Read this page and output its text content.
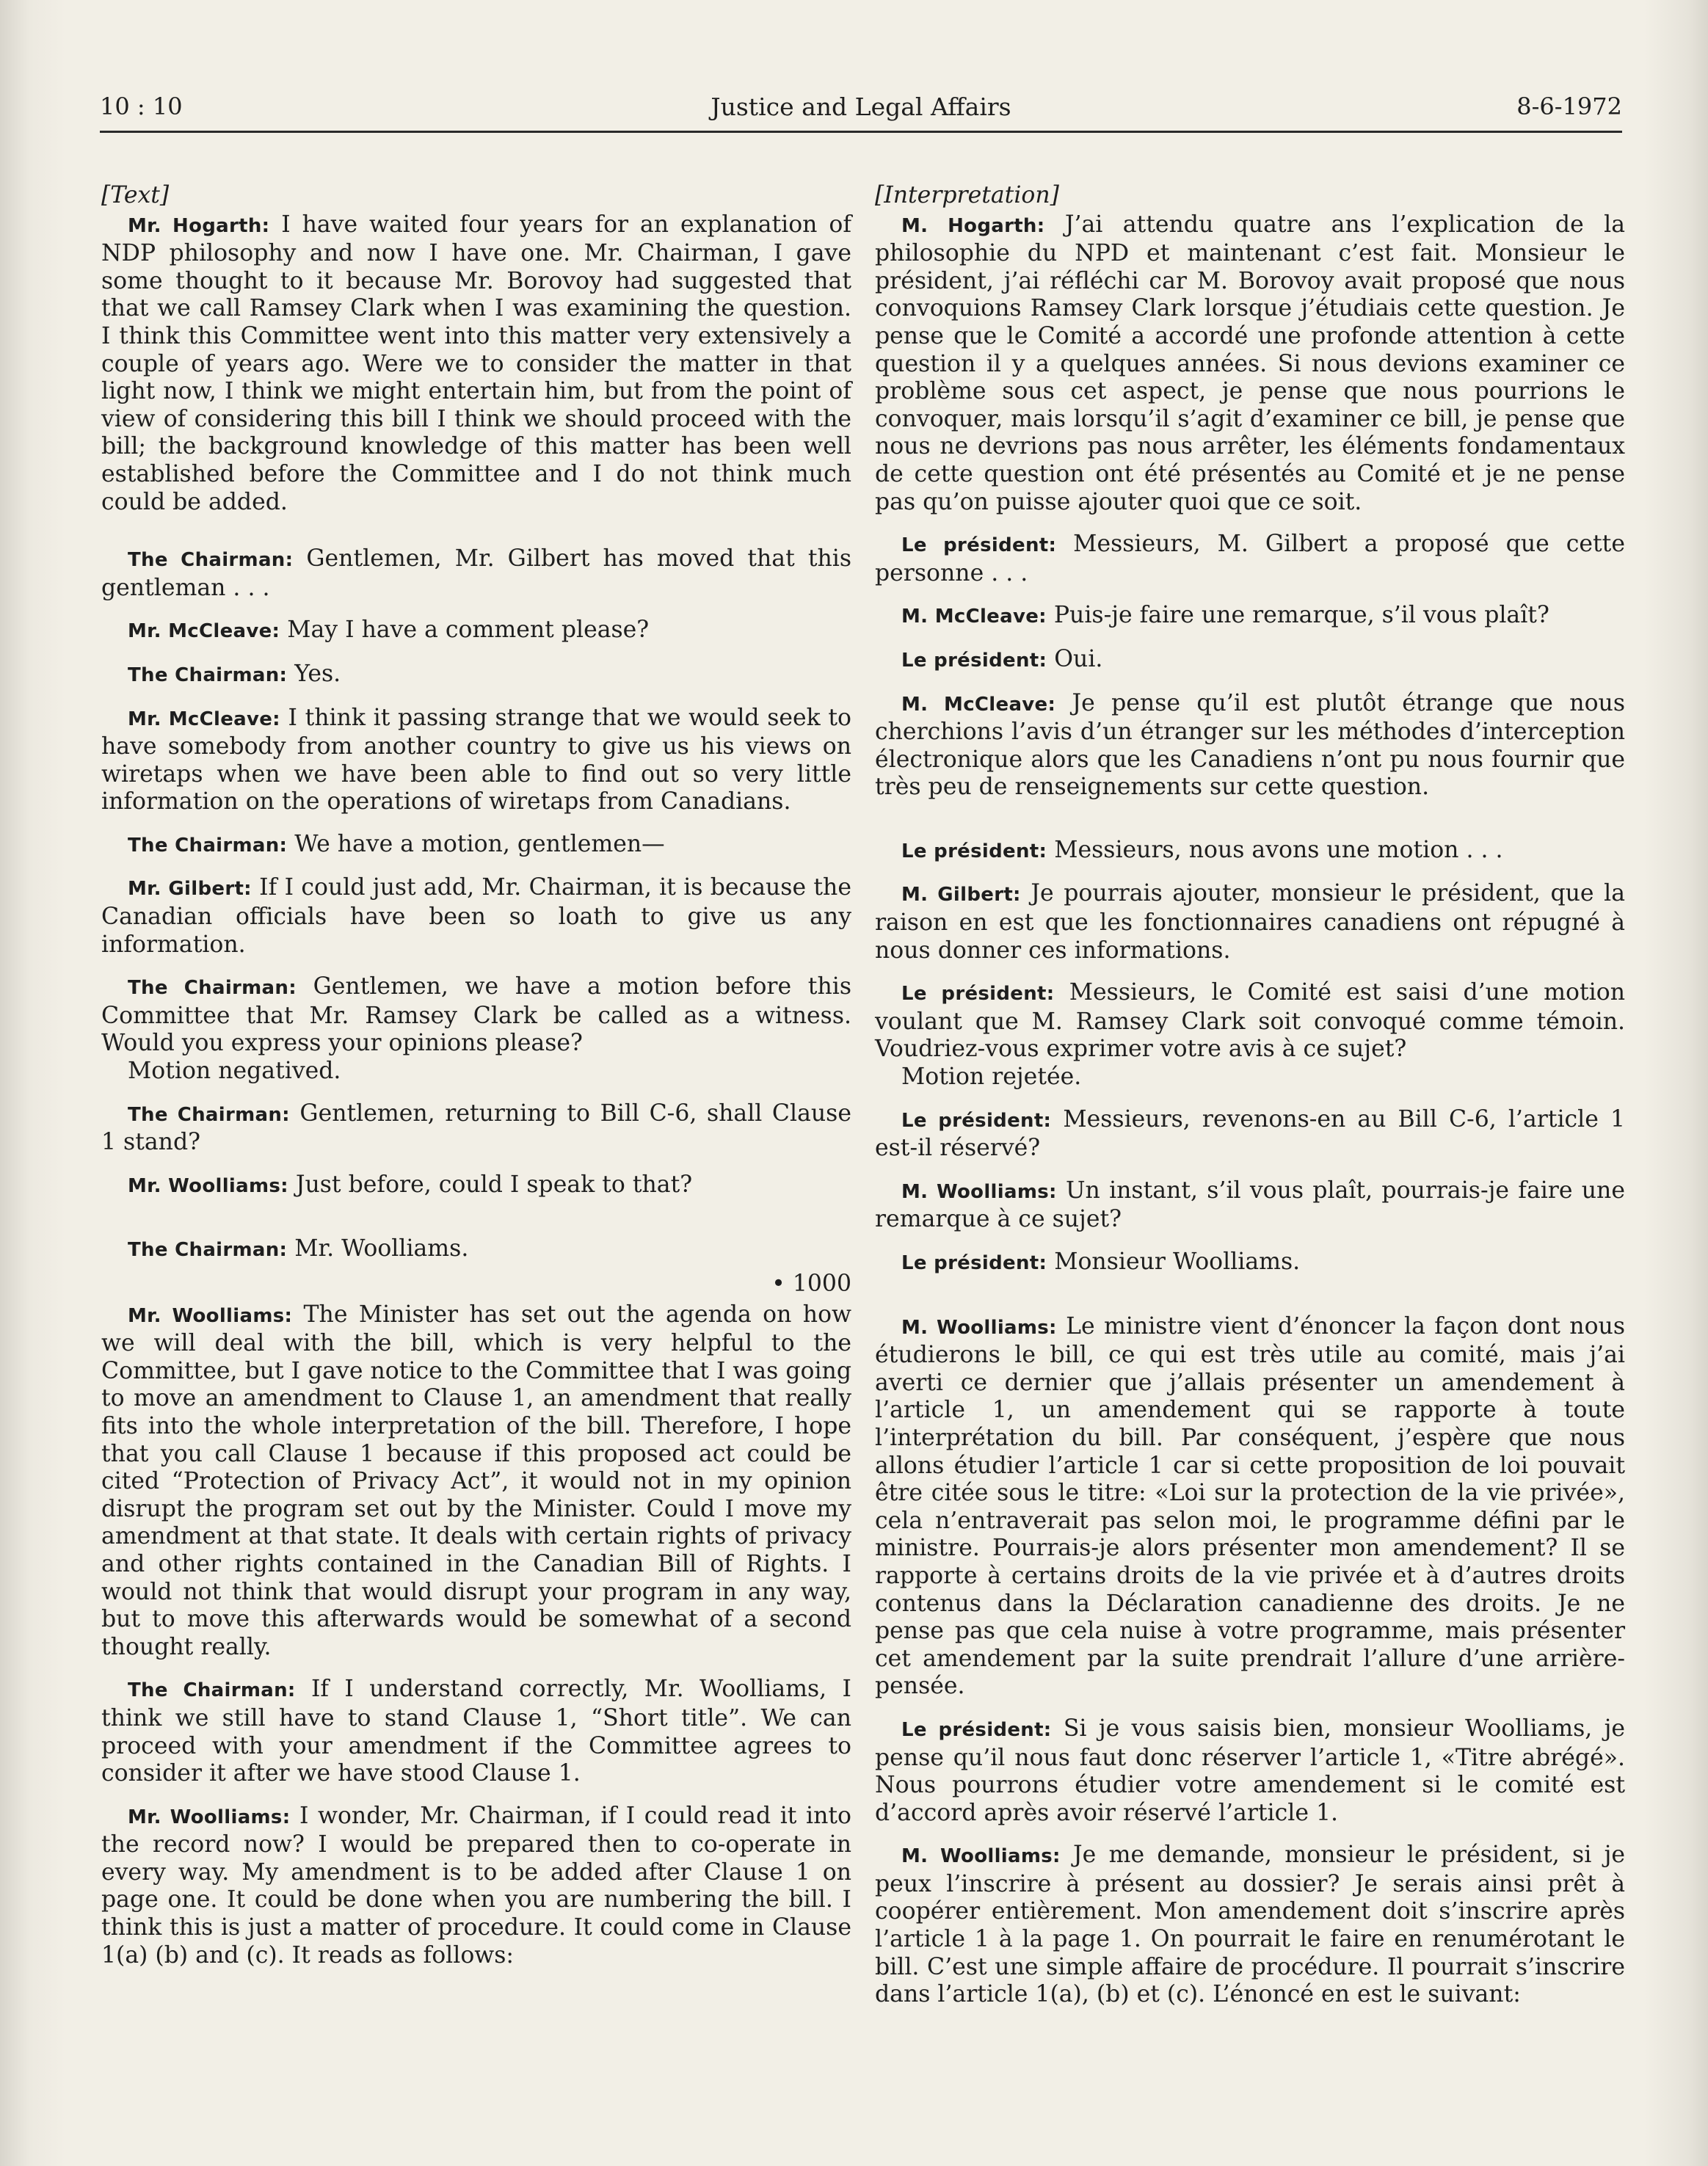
10 : 10	Justice and Legal Affairs	8-6-1972

[Text]

Mr. Hogarth: I have waited four years for an explanation of NDP philosophy and now I have one. Mr. Chairman, I gave some thought to it because Mr. Borovoy had suggested that that we call Ramsey Clark when I was examining the question. I think this Committee went into this matter very extensively a couple of years ago. Were we to consider the matter in that light now, I think we might entertain him, but from the point of view of considering this bill I think we should proceed with the bill; the background knowledge of this matter has been well established before the Committee and I do not think much could be added.

The Chairman: Gentlemen, Mr. Gilbert has moved that this gentleman . . .

Mr. McCleave: May I have a comment please?

The Chairman: Yes.

Mr. McCleave: I think it passing strange that we would seek to have somebody from another country to give us his views on wiretaps when we have been able to find out so very little information on the operations of wiretaps from Canadians.

The Chairman: We have a motion, gentlemen—

Mr. Gilbert: If I could just add, Mr. Chairman, it is because the Canadian officials have been so loath to give us any information.

The Chairman: Gentlemen, we have a motion before this Committee that Mr. Ramsey Clark be called as a witness. Would you express your opinions please?

Motion negatived.

The Chairman: Gentlemen, returning to Bill C-6, shall Clause 1 stand?

Mr. Woolliams: Just before, could I speak to that?

The Chairman: Mr. Woolliams.

• 1000

Mr. Woolliams: The Minister has set out the agenda on how we will deal with the bill, which is very helpful to the Committee, but I gave notice to the Committee that I was going to move an amendment to Clause 1, an amendment that really fits into the whole interpretation of the bill. Therefore, I hope that you call Clause 1 because if this proposed act could be cited “Protection of Privacy Act”, it would not in my opinion disrupt the program set out by the Minister. Could I move my amendment at that state. It deals with certain rights of privacy and other rights contained in the Canadian Bill of Rights. I would not think that would disrupt your program in any way, but to move this afterwards would be somewhat of a second thought really.

The Chairman: If I understand correctly, Mr. Woolliams, I think we still have to stand Clause 1, “Short title”. We can proceed with your amendment if the Committee agrees to consider it after we have stood Clause 1.

Mr. Woolliams: I wonder, Mr. Chairman, if I could read it into the record now? I would be prepared then to co-operate in every way. My amendment is to be added after Clause 1 on page one. It could be done when you are numbering the bill. I think this is just a matter of procedure. It could come in Clause 1(a) (b) and (c). It reads as follows:

[Interpretation]

M. Hogarth: J’ai attendu quatre ans l’explication de la philosophie du NPD et maintenant c’est fait. Monsieur le président, j’ai réfléchi car M. Borovoy avait proposé que nous convoquions Ramsey Clark lorsque j’étudiais cette question. Je pense que le Comité a accordé une profonde attention à cette question il y a quelques années. Si nous devions examiner ce problème sous cet aspect, je pense que nous pourrions le convoquer, mais lorsqu’il s’agit d’examiner ce bill, je pense que nous ne devrions pas nous arrêter, les éléments fondamentaux de cette question ont été présentés au Comité et je ne pense pas qu’on puisse ajouter quoi que ce soit.

Le président: Messieurs, M. Gilbert a proposé que cette personne . . .

M. McCleave: Puis-je faire une remarque, s’il vous plaît?

Le président: Oui.

M. McCleave: Je pense qu’il est plutôt étrange que nous cherchions l’avis d’un étranger sur les méthodes d’interception électronique alors que les Canadiens n’ont pu nous fournir que très peu de renseignements sur cette question.

Le président: Messieurs, nous avons une motion . . .

M. Gilbert: Je pourrais ajouter, monsieur le président, que la raison en est que les fonctionnaires canadiens ont répugné à nous donner ces informations.

Le président: Messieurs, le Comité est saisi d’une motion voulant que M. Ramsey Clark soit convoqué comme témoin. Voudriez-vous exprimer votre avis à ce sujet?

Motion rejetée.

Le président: Messieurs, revenons-en au Bill C-6, l’article 1 est-il réservé?

M. Woolliams: Un instant, s’il vous plaît, pourrais-je faire une remarque à ce sujet?

Le président: Monsieur Woolliams.

M. Woolliams: Le ministre vient d’énoncer la façon dont nous étudierons le bill, ce qui est très utile au comité, mais j’ai averti ce dernier que j’allais présenter un amendement à l’article 1, un amendement qui se rapporte à toute l’interprétation du bill. Par conséquent, j’espère que nous allons étudier l’article 1 car si cette proposition de loi pouvait être citée sous le titre: «Loi sur la protection de la vie privée», cela n’entraverait pas selon moi, le programme défini par le ministre. Pourrais-je alors présenter mon amendement? Il se rapporte à certains droits de la vie privée et à d’autres droits contenus dans la Déclaration canadienne des droits. Je ne pense pas que cela nuise à votre programme, mais présenter cet amendement par la suite prendrait l’allure d’une arrière-pensée.

Le président: Si je vous saisis bien, monsieur Woolliams, je pense qu’il nous faut donc réserver l’article 1, «Titre abrégé». Nous pourrons étudier votre amendement si le comité est d’accord après avoir réservé l’article 1.

M. Woolliams: Je me demande, monsieur le président, si je peux l’inscrire à présent au dossier? Je serais ainsi prêt à coopérer entièrement. Mon amendement doit s’inscrire après l’article 1 à la page 1. On pourrait le faire en renumérotant le bill. C’est une simple affaire de procédure. Il pourrait s’inscrire dans l’article 1(a), (b) et (c). L’énoncé en est le suivant:
